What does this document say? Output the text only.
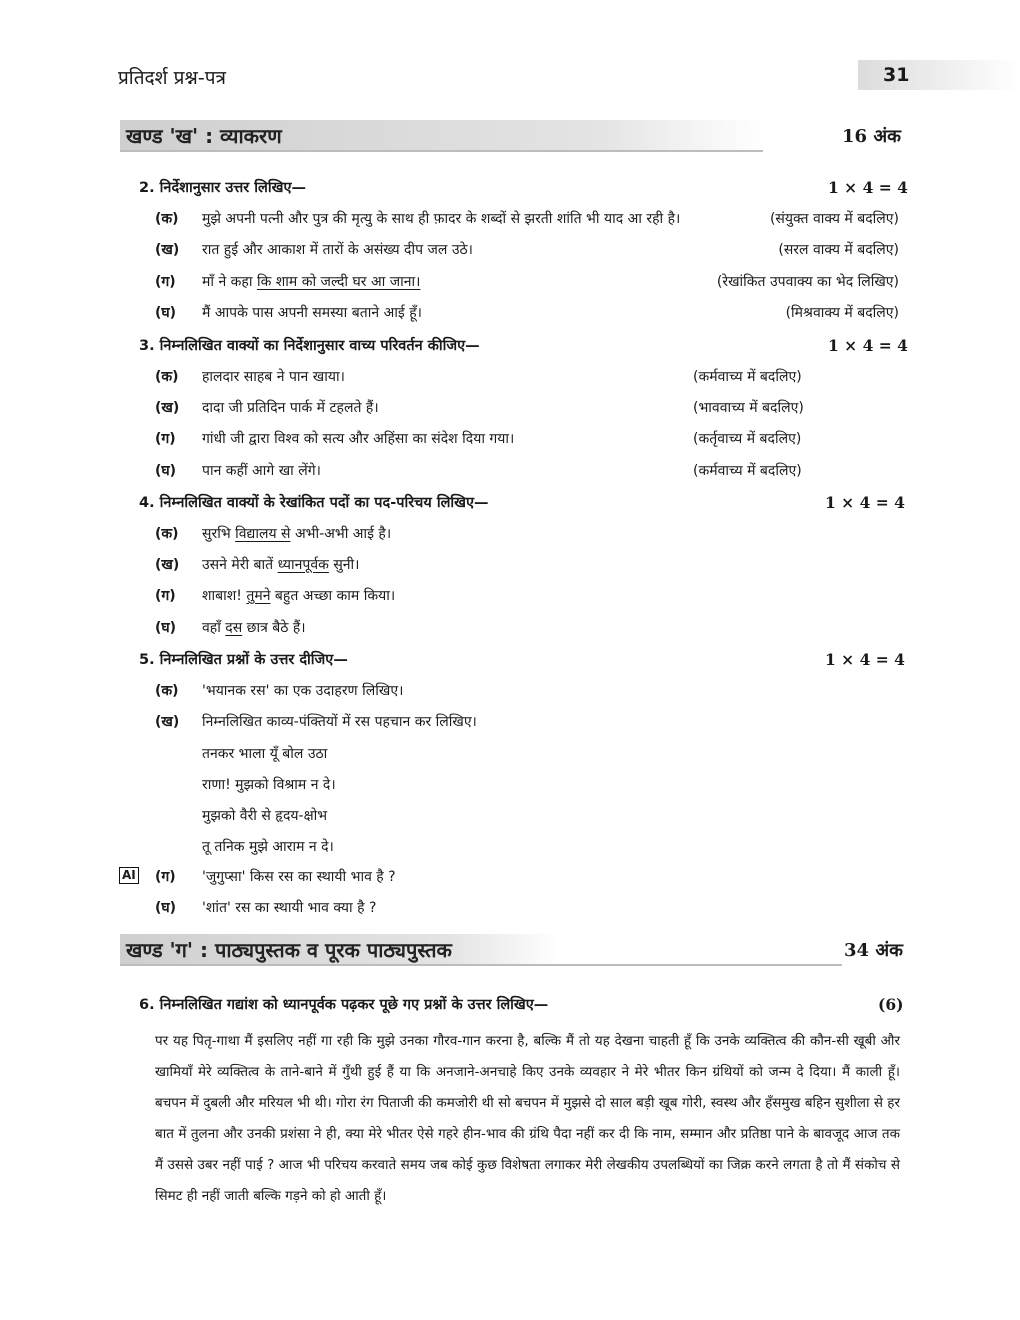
प्रतिदर्श प्रश्न-पत्र	31
खण्ड 'ख' : व्याकरण	16 अंक
2. निर्देशानुसार उत्तर लिखिए—	1 × 4 = 4
(क) मुझे अपनी पत्नी और पुत्र की मृत्यु के साथ ही फ़ादर के शब्दों से झरती शांति भी याद आ रही है।	(संयुक्त वाक्य में बदलिए)
(ख) रात हुई और आकाश में तारों के असंख्य दीप जल उठे।	(सरल वाक्य में बदलिए)
(ग) माँ ने कहा कि शाम को जल्दी घर आ जाना।	(रेखांकित उपवाक्य का भेद लिखिए)
(घ) मैं आपके पास अपनी समस्या बताने आई हूँ।	(मिश्रवाक्य में बदलिए)
3. निम्नलिखित वाक्यों का निर्देशानुसार वाच्य परिवर्तन कीजिए—	1 × 4 = 4
(क) हालदार साहब ने पान खाया।	(कर्मवाच्य में बदलिए)
(ख) दादा जी प्रतिदिन पार्क में टहलते हैं।	(भाववाच्य में बदलिए)
(ग) गांधी जी द्वारा विश्व को सत्य और अहिंसा का संदेश दिया गया।	(कर्तृवाच्य में बदलिए)
(घ) पान कहीं आगे खा लेंगे।	(कर्मवाच्य में बदलिए)
4. निम्नलिखित वाक्यों के रेखांकित पदों का पद-परिचय लिखिए—	1 × 4 = 4
(क) सुरभि विद्यालय से अभी-अभी आई है।
(ख) उसने मेरी बातें ध्यानपूर्वक सुनी।
(ग) शाबाश! तुमने बहुत अच्छा काम किया।
(घ) वहाँ दस छात्र बैठे हैं।
5. निम्नलिखित प्रश्नों के उत्तर दीजिए—	1 × 4 = 4
(क) 'भयानक रस' का एक उदाहरण लिखिए।
(ख) निम्नलिखित काव्य-पंक्तियों में रस पहचान कर लिखिए।
तनकर भाला यूँ बोल उठा
राणा! मुझको विश्राम न दे।
मुझको वैरी से हृदय-क्षोभ
तू तनिक मुझे आराम न दे।
AI (ग) 'जुगुप्सा' किस रस का स्थायी भाव है ?
(घ) 'शांत' रस का स्थायी भाव क्या है ?
खण्ड 'ग' : पाठ्यपुस्तक व पूरक पाठ्यपुस्तक	34 अंक
6. निम्नलिखित गद्यांश को ध्यानपूर्वक पढ़कर पूछे गए प्रश्नों के उत्तर लिखिए—	(6)
पर यह पितृ-गाथा मैं इसलिए नहीं गा रही कि मुझे उनका गौरव-गान करना है, बल्कि मैं तो यह देखना चाहती हूँ कि उनके व्यक्तित्व की कौन-सी खूबी और खामियाँ मेरे व्यक्तित्व के ताने-बाने में गुँथी हुई हैं या कि अनजाने-अनचाहे किए उनके व्यवहार ने मेरे भीतर किन ग्रंथियों को जन्म दे दिया। मैं काली हूँ। बचपन में दुबली और मरियल भी थी। गोरा रंग पिताजी की कमजोरी थी सो बचपन में मुझसे दो साल बड़ी खूब गोरी, स्वस्थ और हँसमुख बहिन सुशीला से हर बात में तुलना और उनकी प्रशंसा ने ही, क्या मेरे भीतर ऐसे गहरे हीन-भाव की ग्रंथि पैदा नहीं कर दी कि नाम, सम्मान और प्रतिष्ठा पाने के बावजूद आज तक मैं उससे उबर नहीं पाई ? आज भी परिचय करवाते समय जब कोई कुछ विशेषता लगाकर मेरी लेखकीय उपलब्धियों का जिक्र करने लगता है तो मैं संकोच से सिमट ही नहीं जाती बल्कि गड़ने को हो आती हूँ।
